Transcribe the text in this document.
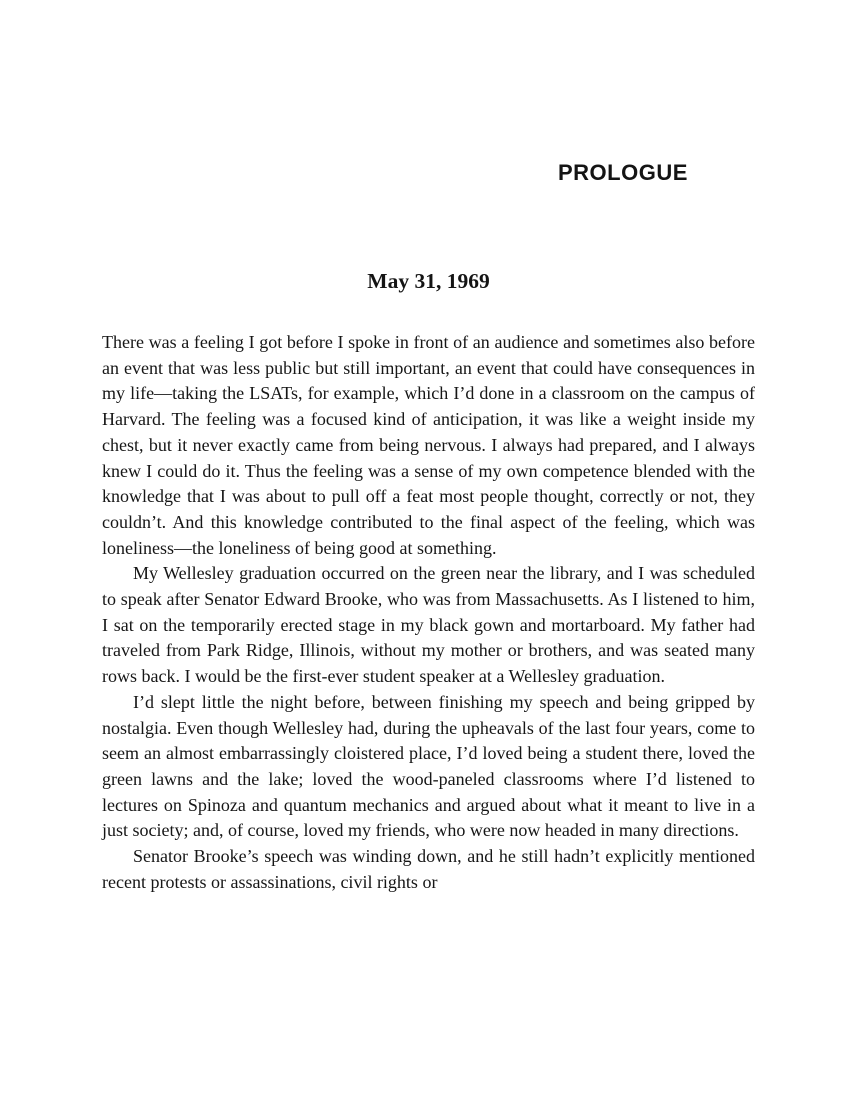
PROLOGUE
May 31, 1969

There was a feeling I got before I spoke in front of an audience and sometimes also before an event that was less public but still important, an event that could have consequences in my life—taking the LSATs, for example, which I’d done in a classroom on the campus of Harvard. The feeling was a focused kind of anticipation, it was like a weight inside my chest, but it never exactly came from being nervous. I always had prepared, and I always knew I could do it. Thus the feeling was a sense of my own competence blended with the knowledge that I was about to pull off a feat most people thought, correctly or not, they couldn’t. And this knowledge contributed to the final aspect of the feeling, which was loneliness—the loneliness of being good at something.

My Wellesley graduation occurred on the green near the library, and I was scheduled to speak after Senator Edward Brooke, who was from Massachusetts. As I listened to him, I sat on the temporarily erected stage in my black gown and mortarboard. My father had traveled from Park Ridge, Illinois, without my mother or brothers, and was seated many rows back. I would be the first-ever student speaker at a Wellesley graduation.

I’d slept little the night before, between finishing my speech and being gripped by nostalgia. Even though Wellesley had, during the upheavals of the last four years, come to seem an almost embarrassingly cloistered place, I’d loved being a student there, loved the green lawns and the lake; loved the wood-paneled classrooms where I’d listened to lectures on Spinoza and quantum mechanics and argued about what it meant to live in a just society; and, of course, loved my friends, who were now headed in many directions.

Senator Brooke’s speech was winding down, and he still hadn’t explicitly mentioned recent protests or assassinations, civil rights or
